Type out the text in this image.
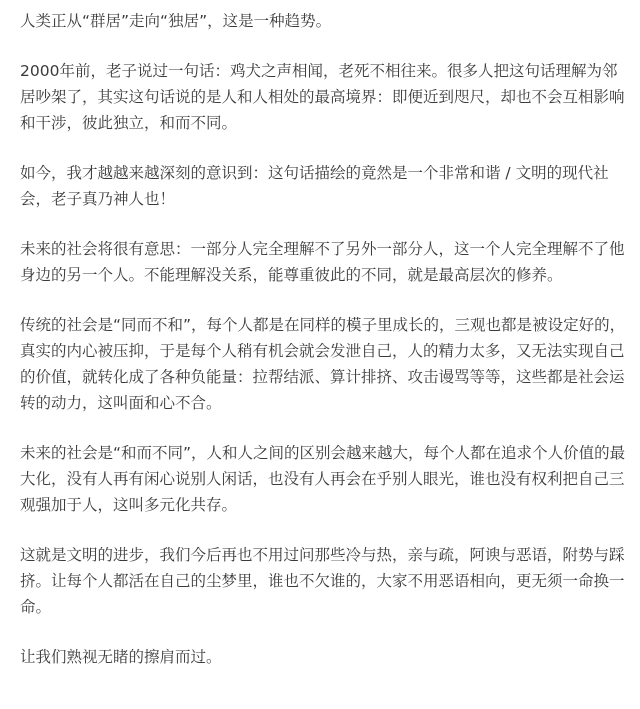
人类正从“群居”走向“独居”，这是一种趋势。

2000年前，老子说过一句话：鸡犬之声相闻，老死不相往来。很多人把这句话理解为邻居吵架了，其实这句话说的是人和人相处的最高境界：即便近到咫尺，却也不会互相影响和干涉，彼此独立，和而不同。

如今，我才越越来越深刻的意识到：这句话描绘的竟然是一个非常和谐 / 文明的现代社会，老子真乃神人也！

未来的社会将很有意思：一部分人完全理解不了另外一部分人，这一个人完全理解不了他身边的另一个人。不能理解没关系，能尊重彼此的不同，就是最高层次的修养。

传统的社会是“同而不和”，每个人都是在同样的模子里成长的，三观也都是被设定好的，真实的内心被压抑，于是每个人稍有机会就会发泄自己，人的精力太多，又无法实现自己的价值，就转化成了各种负能量：拉帮结派、算计排挤、攻击谩骂等等，这些都是社会运转的动力，这叫面和心不合。

未来的社会是“和而不同”，人和人之间的区别会越来越大，每个人都在追求个人价值的最大化，没有人再有闲心说别人闲话，也没有人再会在乎别人眼光，谁也没有权利把自己三观强加于人，这叫多元化共存。

这就是文明的进步，我们今后再也不用过问那些冷与热，亲与疏，阿谀与恶语，附势与踩挤。让每个人都活在自己的尘梦里，谁也不欠谁的，大家不用恶语相向，更无须一命换一命。

让我们熟视无睹的擦肩而过。
